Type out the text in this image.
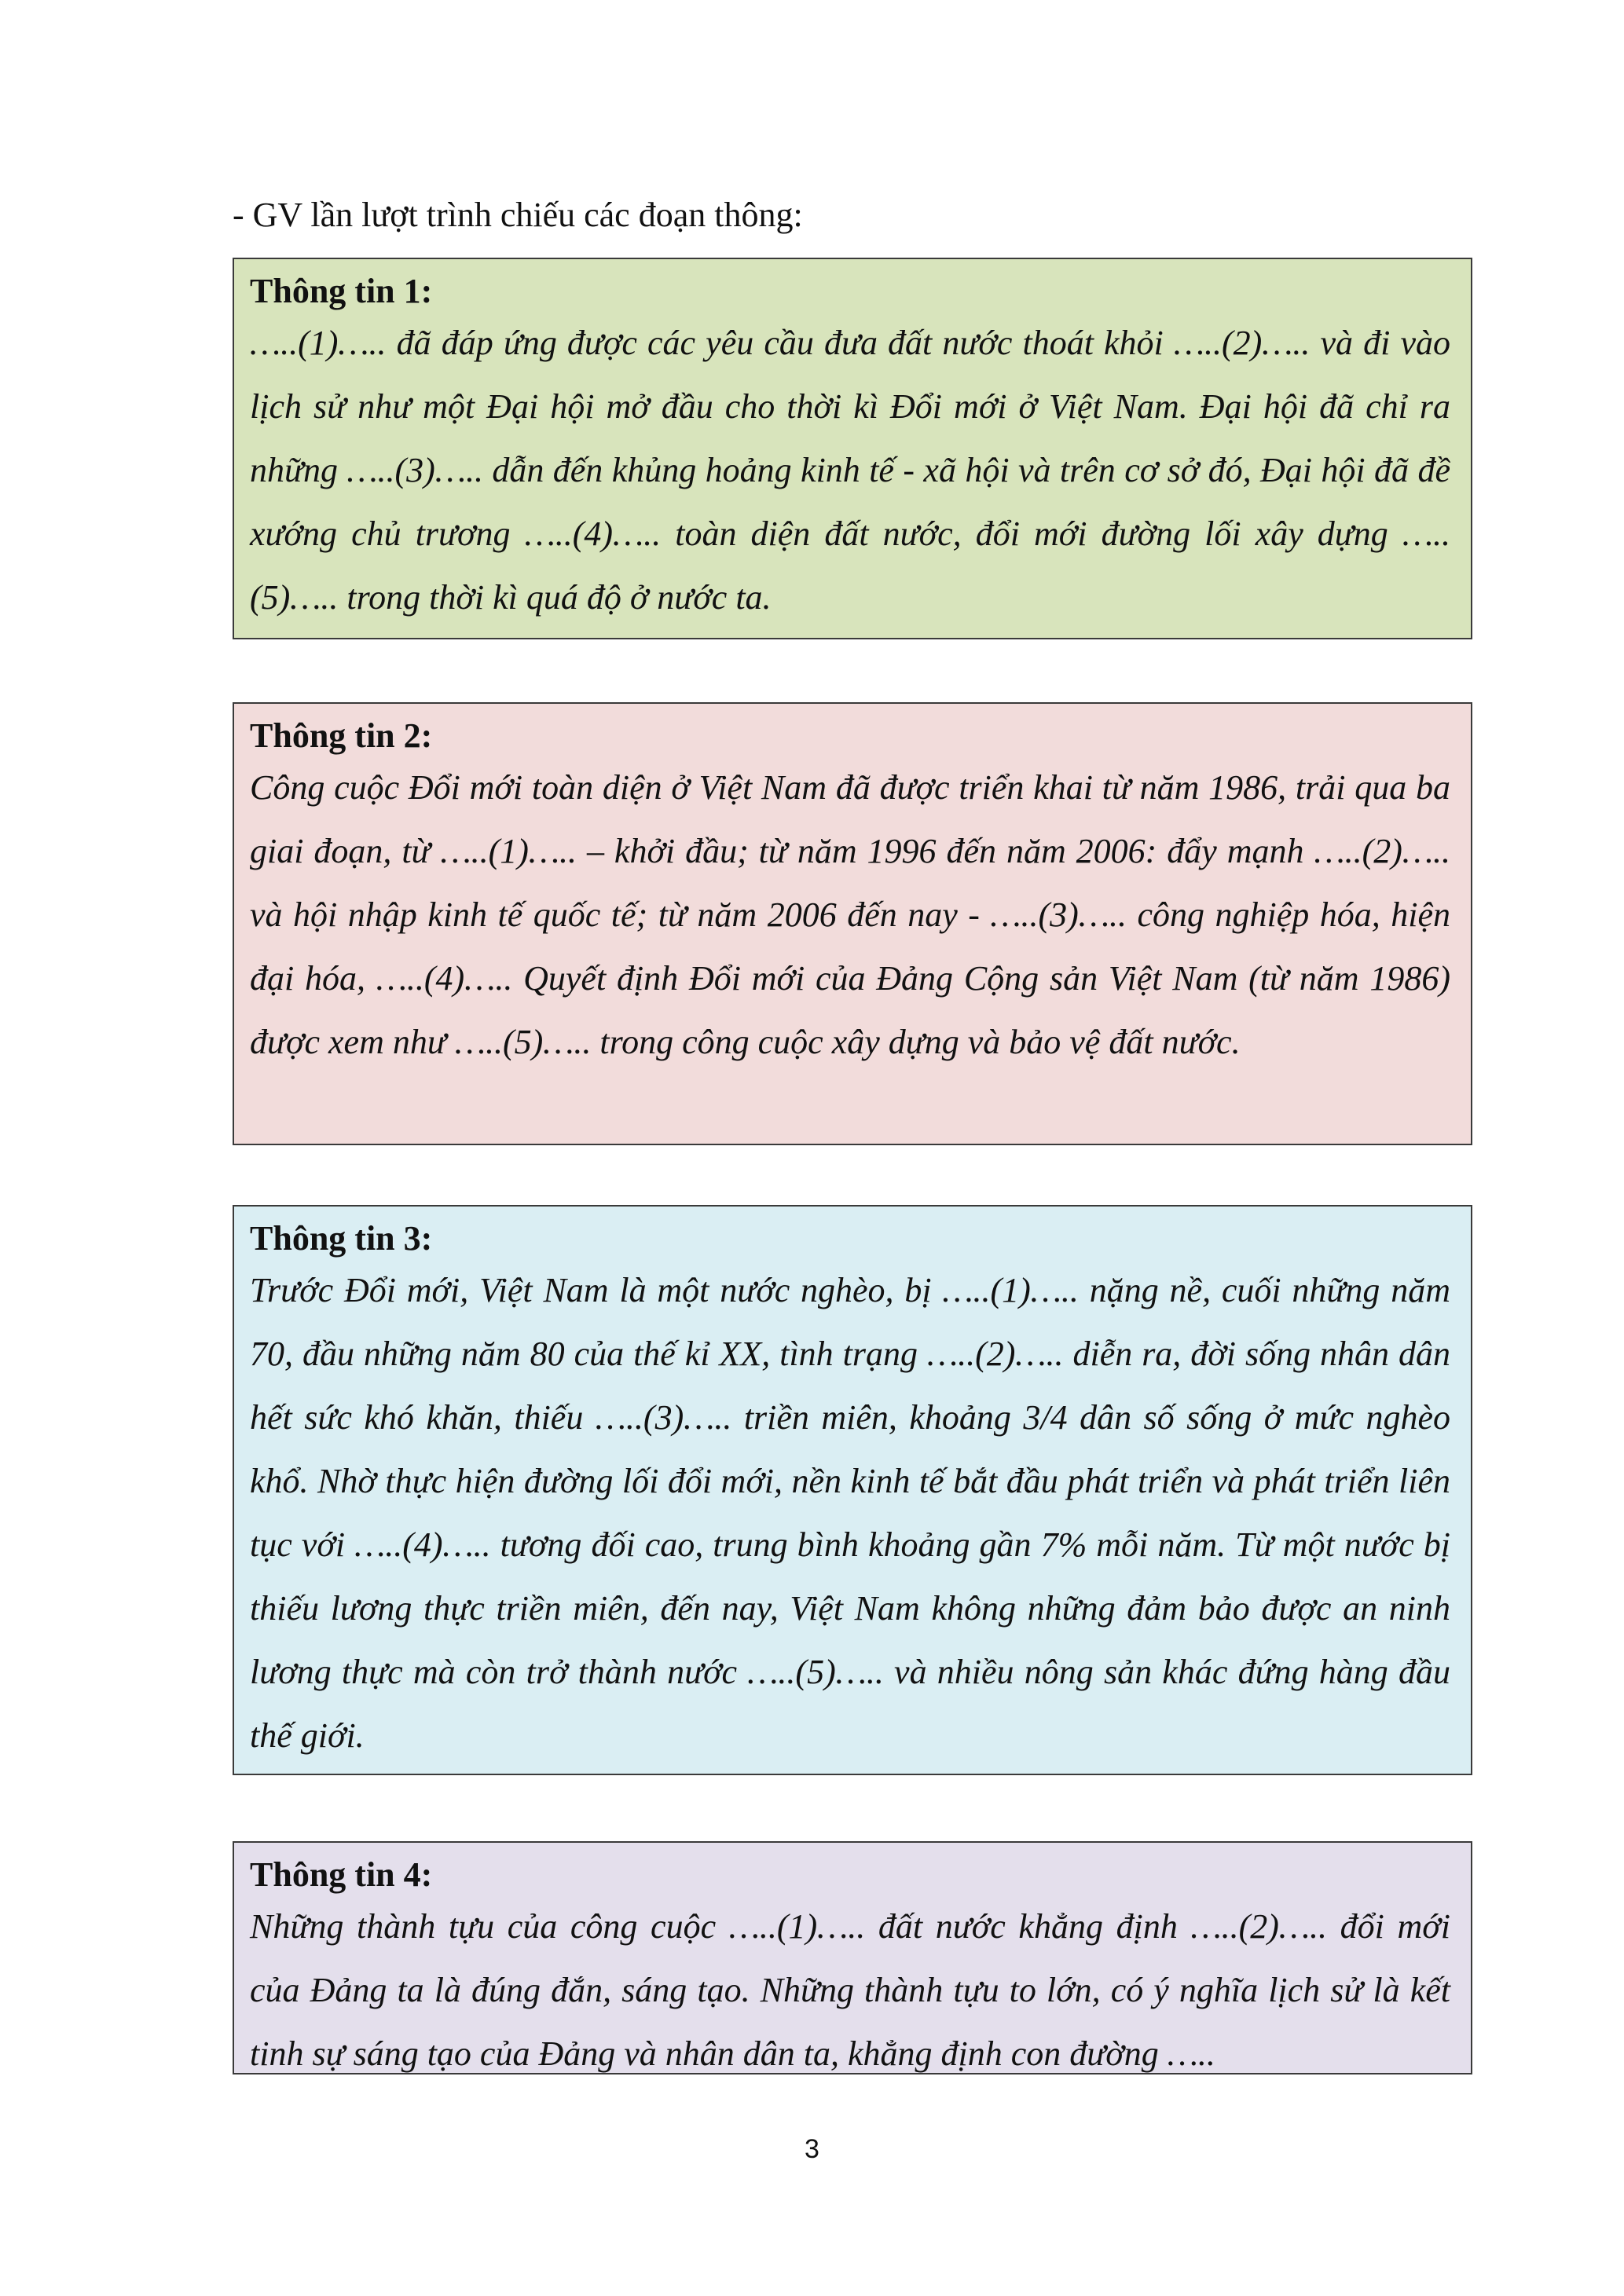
- GV lần lượt trình chiếu các đoạn thông:
Thông tin 1:
…..(1)….. đã đáp ứng được các yêu cầu đưa đất nước thoát khỏi …..(2)….. và đi vào lịch sử như một Đại hội mở đầu cho thời kì Đổi mới ở Việt Nam. Đại hội đã chỉ ra những …..(3)….. dẫn đến khủng hoảng kinh tế - xã hội và trên cơ sở đó, Đại hội đã đề xướng chủ trương …..(4)….. toàn diện đất nước, đổi mới đường lối xây dựng …..(5)….. trong thời kì quá độ ở nước ta.
Thông tin 2:
Công cuộc Đổi mới toàn diện ở Việt Nam đã được triển khai từ năm 1986, trải qua ba giai đoạn, từ …..(1)….. – khởi đầu; từ năm 1996 đến năm 2006: đẩy mạnh …..(2)….. và hội nhập kinh tế quốc tế; từ năm 2006 đến nay - …..(3)….. công nghiệp hóa, hiện đại hóa, …..(4)….. Quyết định Đổi mới của Đảng Cộng sản Việt Nam (từ năm 1986) được xem như …..(5)….. trong công cuộc xây dựng và bảo vệ đất nước.
Thông tin 3:
Trước Đổi mới, Việt Nam là một nước nghèo, bị …..(1)….. nặng nề, cuối những năm 70, đầu những năm 80 của thế kỉ XX, tình trạng …..(2)….. diễn ra, đời sống nhân dân hết sức khó khăn, thiếu …..(3)….. triền miên, khoảng 3/4 dân số sống ở mức nghèo khổ. Nhờ thực hiện đường lối đổi mới, nền kinh tế bắt đầu phát triển và phát triển liên tục với …..(4)….. tương đối cao, trung bình khoảng gần 7% mỗi năm. Từ một nước bị thiếu lương thực triền miên, đến nay, Việt Nam không những đảm bảo được an ninh lương thực mà còn trở thành nước …..(5)….. và nhiều nông sản khác đứng hàng đầu thế giới.
Thông tin 4:
Những thành tựu của công cuộc …..(1)….. đất nước khẳng định …..(2)….. đổi mới của Đảng ta là đúng đắn, sáng tạo. Những thành tựu to lớn, có ý nghĩa lịch sử là kết tinh sự sáng tạo của Đảng và nhân dân ta, khẳng định con đường …..
3
